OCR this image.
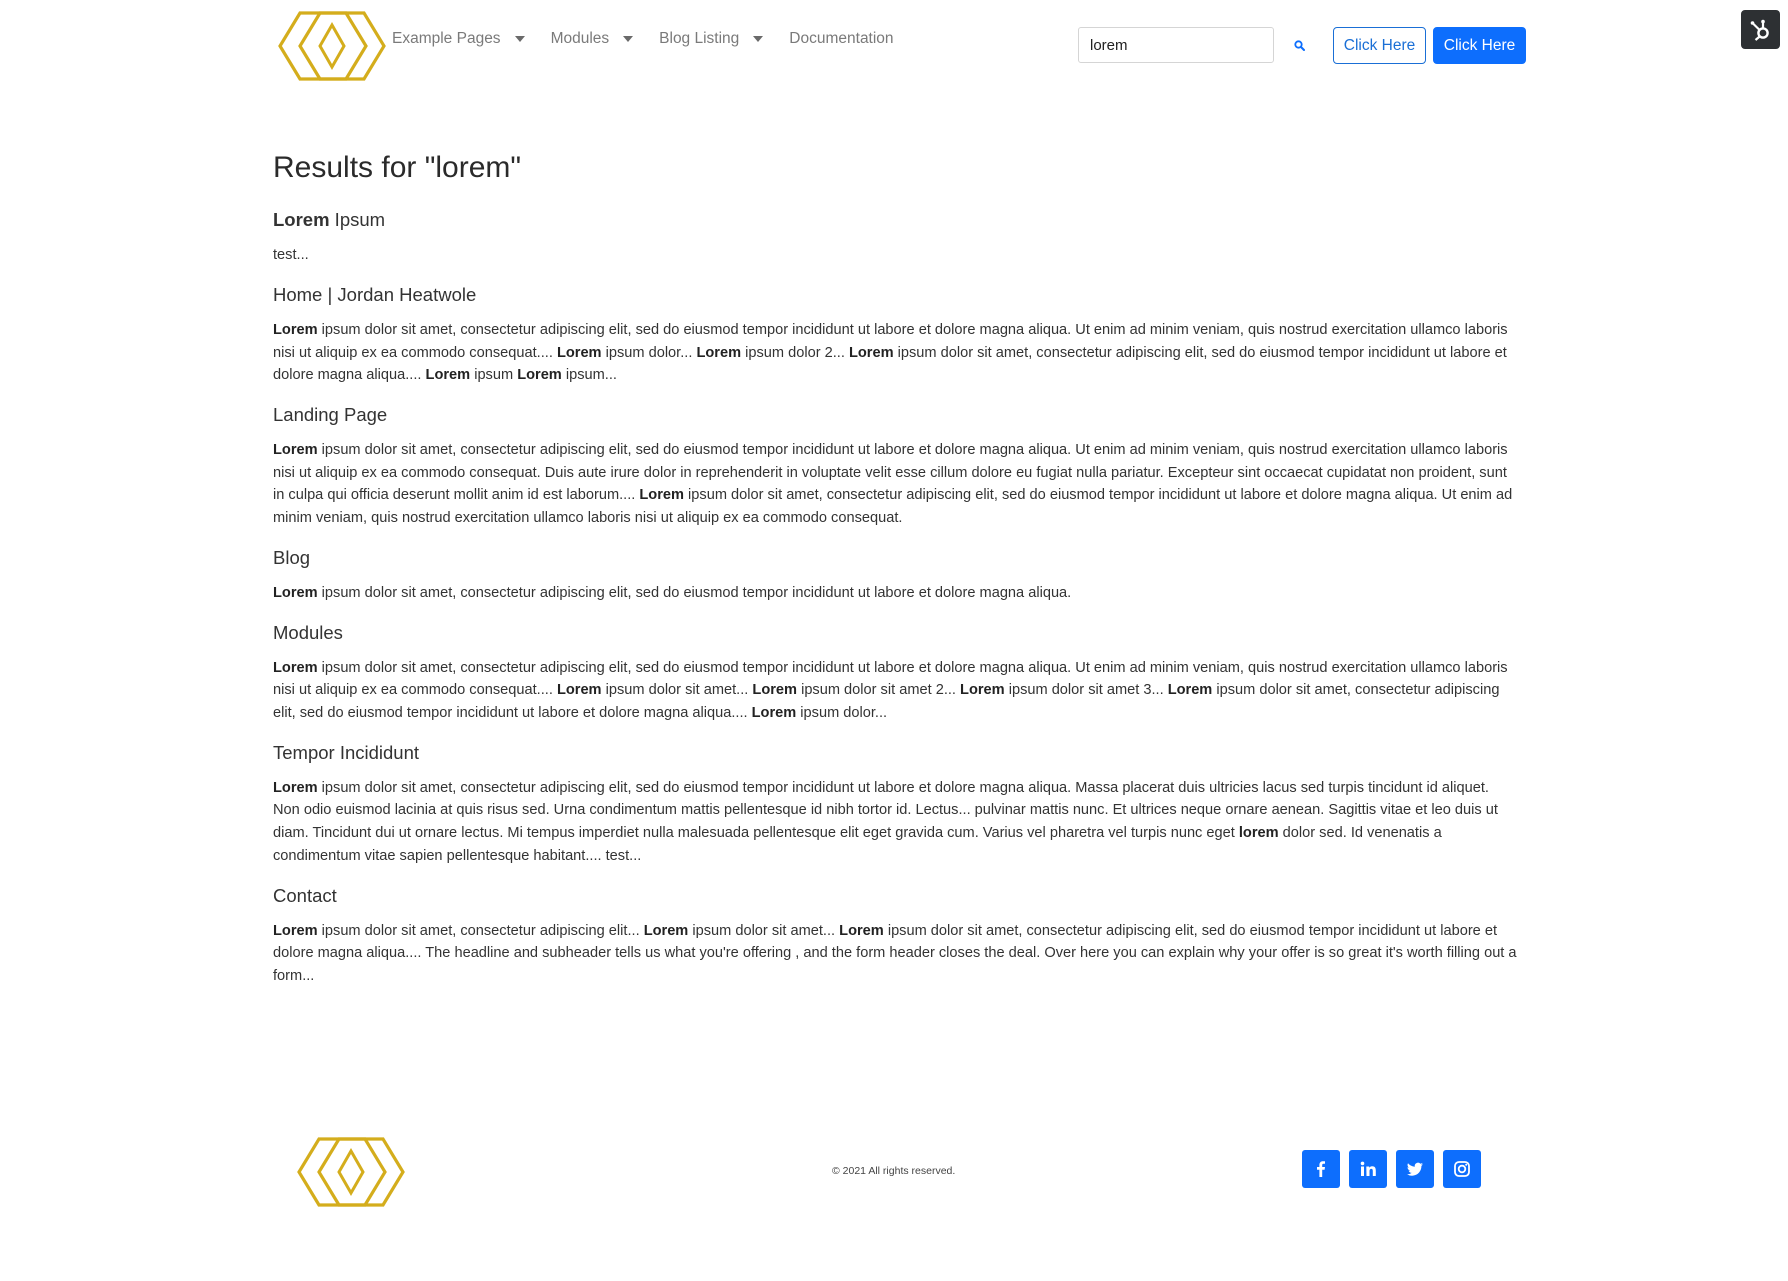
Example Pages	Modules	Blog Listing	Documentation
lorem	Click Here	Click Here
Results for "lorem"
Lorem Ipsum

test...

Home | Jordan Heatwole

Lorem ipsum dolor sit amet, consectetur adipiscing elit, sed do eiusmod tempor incididunt ut labore et dolore magna aliqua. Ut enim ad minim veniam, quis nostrud exercitation ullamco laboris nisi ut aliquip ex ea commodo consequat.... Lorem ipsum dolor... Lorem ipsum dolor 2... Lorem ipsum dolor sit amet, consectetur adipiscing elit, sed do eiusmod tempor incididunt ut labore et dolore magna aliqua.... Lorem ipsum Lorem ipsum...

Landing Page

Lorem ipsum dolor sit amet, consectetur adipiscing elit, sed do eiusmod tempor incididunt ut labore et dolore magna aliqua. Ut enim ad minim veniam, quis nostrud exercitation ullamco laboris nisi ut aliquip ex ea commodo consequat. Duis aute irure dolor in reprehenderit in voluptate velit esse cillum dolore eu fugiat nulla pariatur. Excepteur sint occaecat cupidatat non proident, sunt in culpa qui officia deserunt mollit anim id est laborum.... Lorem ipsum dolor sit amet, consectetur adipiscing elit, sed do eiusmod tempor incididunt ut labore et dolore magna aliqua. Ut enim ad minim veniam, quis nostrud exercitation ullamco laboris nisi ut aliquip ex ea commodo consequat.

Blog

Lorem ipsum dolor sit amet, consectetur adipiscing elit, sed do eiusmod tempor incididunt ut labore et dolore magna aliqua.

Modules

Lorem ipsum dolor sit amet, consectetur adipiscing elit, sed do eiusmod tempor incididunt ut labore et dolore magna aliqua. Ut enim ad minim veniam, quis nostrud exercitation ullamco laboris nisi ut aliquip ex ea commodo consequat.... Lorem ipsum dolor sit amet... Lorem ipsum dolor sit amet 2... Lorem ipsum dolor sit amet 3... Lorem ipsum dolor sit amet, consectetur adipiscing elit, sed do eiusmod tempor incididunt ut labore et dolore magna aliqua.... Lorem ipsum dolor...

Tempor Incididunt

Lorem ipsum dolor sit amet, consectetur adipiscing elit, sed do eiusmod tempor incididunt ut labore et dolore magna aliqua. Massa placerat duis ultricies lacus sed turpis tincidunt id aliquet. Non odio euismod lacinia at quis risus sed. Urna condimentum mattis pellentesque id nibh tortor id. Lectus... pulvinar mattis nunc. Et ultrices neque ornare aenean. Sagittis vitae et leo duis ut diam. Tincidunt dui ut ornare lectus. Mi tempus imperdiet nulla malesuada pellentesque elit eget gravida cum. Varius vel pharetra vel turpis nunc eget lorem dolor sed. Id venenatis a condimentum vitae sapien pellentesque habitant.... test...

Contact

Lorem ipsum dolor sit amet, consectetur adipiscing elit... Lorem ipsum dolor sit amet... Lorem ipsum dolor sit amet, consectetur adipiscing elit, sed do eiusmod tempor incididunt ut labore et dolore magna aliqua.... The headline and subheader tells us what you're offering , and the form header closes the deal. Over here you can explain why your offer is so great it's worth filling out a form...

© 2021 All rights reserved.
